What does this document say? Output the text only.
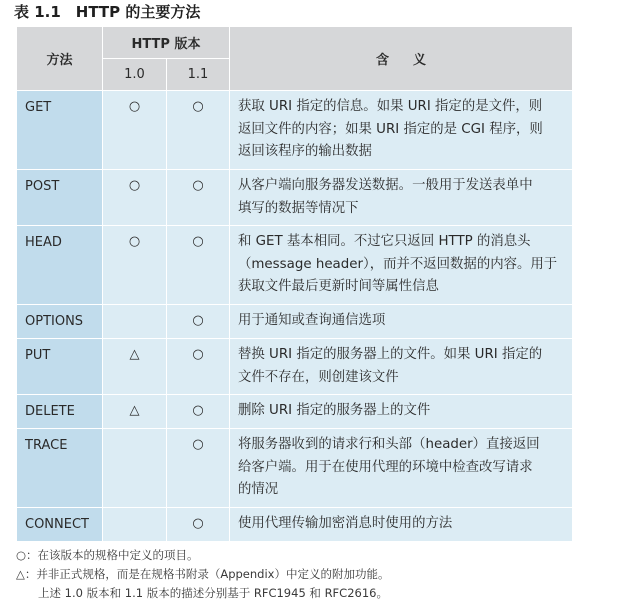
表 1.1　HTTP 的主要方法
方法	HTTP 版本		含义
	1.0	1.1	
GET	○	○	获取 URI 指定的信息。如果 URI 指定的是文件，则
返回文件的内容；如果 URI 指定的是 CGI 程序，则
返回该程序的输出数据

POST	○	○	从客户端向服务器发送数据。一般用于发送表单中
填写的数据等情况下

HEAD	○	○	和 GET 基本相同。不过它只返回 HTTP 的消息头
（message header），而并不返回数据的内容。用于
获取文件最后更新时间等属性信息

OPTIONS		○	用于通知或查询通信选项

PUT	△	○	替换 URI 指定的服务器上的文件。如果 URI 指定的
文件不存在，则创建该文件

DELETE	△	○	删除 URI 指定的服务器上的文件

TRACE		○	将服务器收到的请求行和头部（header）直接返回
给客户端。用于在使用代理的环境中检查改写请求
的情况

CONNECT		○	使用代理传输加密消息时使用的方法
○：在该版本的规格中定义的项目。
△：并非正式规格，而是在规格书附录（Appendix）中定义的附加功能。
上述 1.0 版本和 1.1 版本的描述分别基于 RFC1945 和 RFC2616。
